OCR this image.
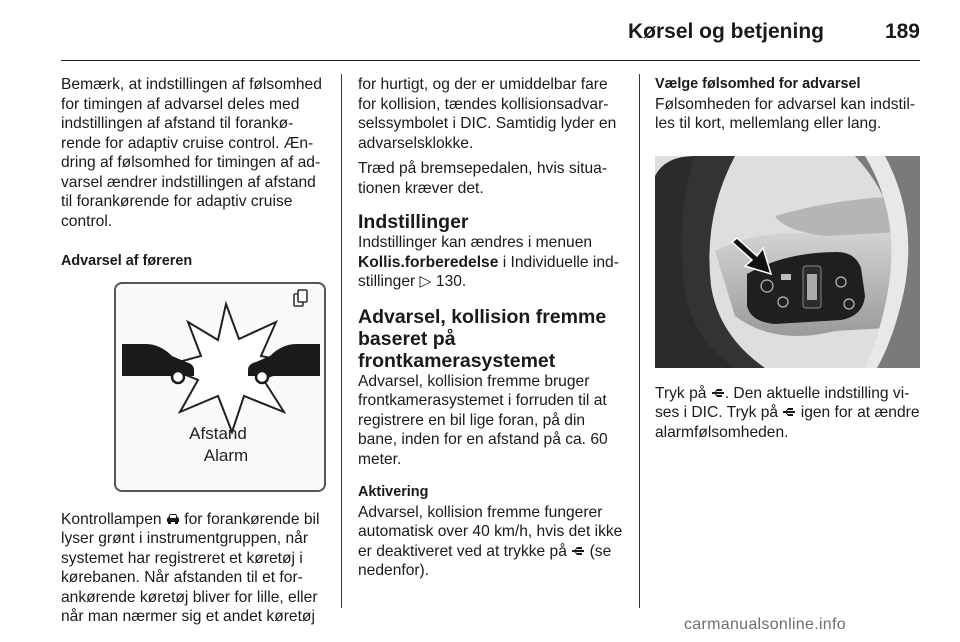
Kørsel og betjening	189

Bemærk, at indstillingen af følsomhed for timingen af advarsel deles med indstillingen af afstand til forankø-rende for adaptiv cruise control. Æn-dring af følsomhed for timingen af ad-varsel ændrer indstillingen af afstand til forankørende for adaptiv cruise control.

Advarsel af føreren

Afstand
Alarm

Kontrollampen for forankørende bil lyser grønt i instrumentgruppen, når systemet har registreret et køretøj i kørebanen. Når afstanden til et for-ankørende køretøj bliver for lille, eller når man nærmer sig et andet køretøj

for hurtigt, og der er umiddelbar fare for kollision, tændes kollisionsadvar-selssymbolet i DIC. Samtidig lyder en advarselsklokke.

Træd på bremsepedalen, hvis situa-tionen kræver det.

Indstillinger

Indstillinger kan ændres i menuen Kollis.forberedelse i Individuelle ind-stillinger ▷ 130.

Advarsel, kollision fremme baseret på frontkamerasystemet

Advarsel, kollision fremme bruger frontkamerasystemet i forruden til at registrere en bil lige foran, på din bane, inden for en afstand på ca. 60 meter.

Aktivering

Advarsel, kollision fremme fungerer automatisk over 40 km/h, hvis det ikke er deaktiveret ved at trykke på (se nedenfor).

Vælge følsomhed for advarsel

Følsomheden for advarsel kan indstil-les til kort, mellemlang eller lang.

Tryk på . Den aktuelle indstilling vi-ses i DIC. Tryk på igen for at ændre alarmfølsomheden.

carmanualsonline.info
